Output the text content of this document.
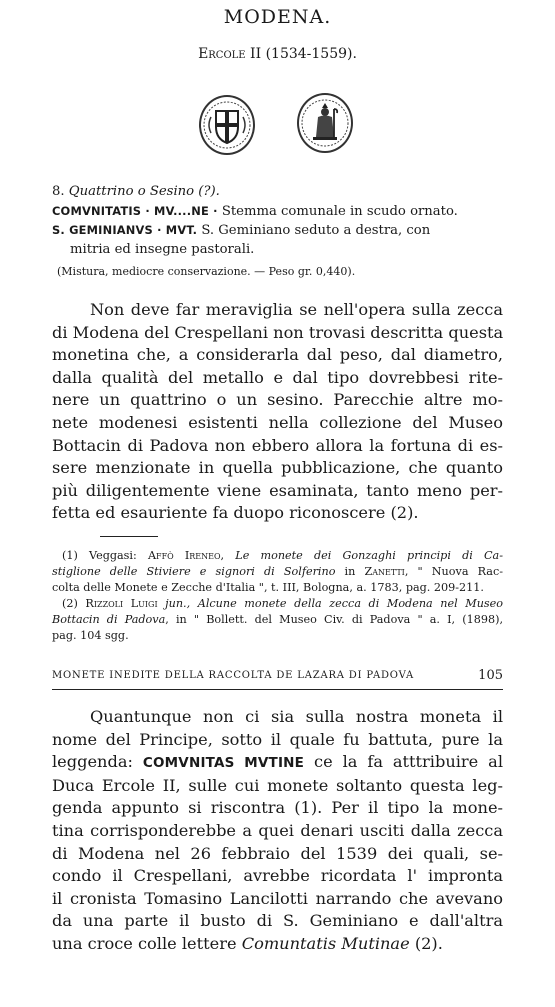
MODENA.
Ercole II (1534-1559).
8. Quattrino o Sesino (?).
COMVNITATIS · MV....NE · Stemma comunale in scudo ornato.
S. GEMINIANVS · MVT. S. Geminiano seduto a destra, con
mitria ed insegne pastorali.
(Mistura, mediocre conservazione. — Peso gr. 0,440).
Non deve far meraviglia se nell'opera sulla zecca
di Modena del Crespellani non trovasi descritta questa
monetina che, a considerarla dal peso, dal diametro,
dalla qualità del metallo e dal tipo dovrebbesi rite-
nere un quattrino o un sesino. Parecchie altre mo-
nete modenesi esistenti nella collezione del Museo
Bottacin di Padova non ebbero allora la fortuna di es-
sere menzionate in quella pubblicazione, che quanto
più diligentemente viene esaminata, tanto meno per-
fetta ed esauriente fa duopo riconoscere (2).
(1) Veggasi: Affò Ireneo, Le monete dei Gonzaghi principi di Ca-
stiglione delle Stiviere e signori di Solferino in Zanetti, " Nuova Rac-
colta delle Monete e Zecche d'Italia ", t. III, Bologna, a. 1783, pag. 209-211.
(2) Rizzoli Luigi jun., Alcune monete della zecca di Modena nel Museo
Bottacin di Padova, in " Bollett. del Museo Civ. di Padova " a. I, (1898),
pag. 104 sgg.
MONETE INEDITE DELLA RACCOLTA DE LAZARA DI PADOVA	105
Quantunque non ci sia sulla nostra moneta il
nome del Principe, sotto il quale fu battuta, pure la
leggenda: COMVNITAS MVTINE ce la fa atttribuire al
Duca Ercole II, sulle cui monete soltanto questa leg-
genda appunto si riscontra (1). Per il tipo la mone-
tina corrisponderebbe a quei denari usciti dalla zecca
di Modena nel 26 febbraio del 1539 dei quali, se-
condo il Crespellani, avrebbe ricordata l' impronta
il cronista Tomasino Lancilotti narrando che avevano
da una parte il busto di S. Geminiano e dall'altra
una croce colle lettere Comuntatis Mutinae (2).
